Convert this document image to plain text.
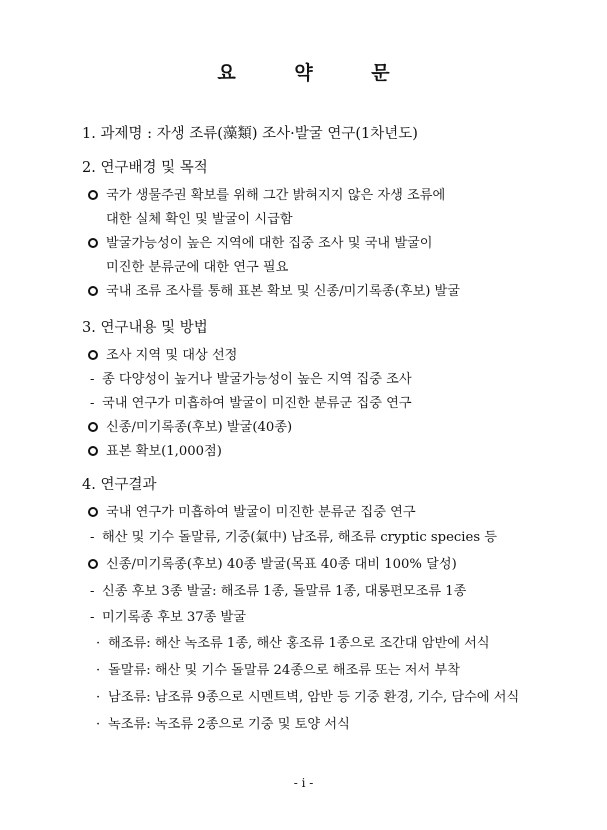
요 약 문
1. 과제명 : 자생 조류(藻類) 조사·발굴 연구(1차년도)
2. 연구배경 및 목적
국가 생물주권 확보를 위해 그간 밝혀지지 않은 자생 조류에
대한 실체 확인 및 발굴이 시급함
발굴가능성이 높은 지역에 대한 집중 조사 및 국내 발굴이
미진한 분류군에 대한 연구 필요
국내 조류 조사를 통해 표본 확보 및 신종/미기록종(후보) 발굴
3. 연구내용 및 방법
조사 지역 및 대상 선정
- 종 다양성이 높거나 발굴가능성이 높은 지역 집중 조사
- 국내 연구가 미흡하여 발굴이 미진한 분류군 집중 연구
신종/미기록종(후보) 발굴(40종)
표본 확보(1,000점)
4. 연구결과
국내 연구가 미흡하여 발굴이 미진한 분류군 집중 연구
- 해산 및 기수 돌말류, 기중(氣中) 남조류, 해조류 cryptic species 등
신종/미기록종(후보) 40종 발굴(목표 40종 대비 100% 달성)
- 신종 후보 3종 발굴: 해조류 1종, 돌말류 1종, 대롱편모조류 1종
- 미기록종 후보 37종 발굴
· 해조류: 해산 녹조류 1종, 해산 홍조류 1종으로 조간대 암반에 서식
· 돌말류: 해산 및 기수 돌말류 24종으로 해조류 또는 저서 부착
· 남조류: 남조류 9종으로 시멘트벽, 암반 등 기중 환경, 기수, 담수에 서식
· 녹조류: 녹조류 2종으로 기중 및 토양 서식
- i -
